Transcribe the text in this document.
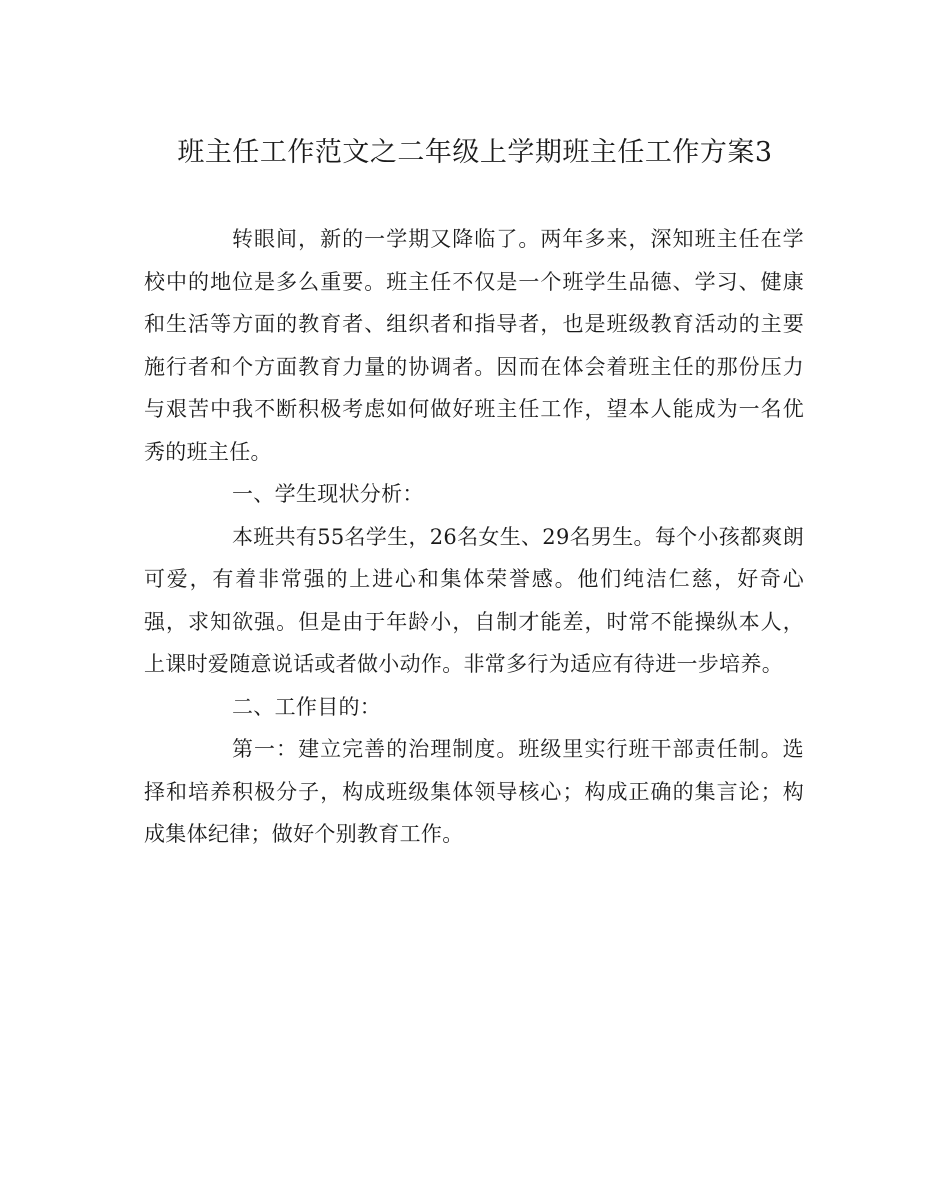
班主任工作范文之二年级上学期班主任工作方案3

转眼间，新的一学期又降临了。两年多来，深知班主任在学校中的地位是多么重要。班主任不仅是一个班学生品德、学习、健康和生活等方面的教育者、组织者和指导者，也是班级教育活动的主要施行者和个方面教育力量的协调者。因而在体会着班主任的那份压力与艰苦中我不断积极考虑如何做好班主任工作，望本人能成为一名优秀的班主任。

一、学生现状分析：

本班共有55名学生，26名女生、29名男生。每个小孩都爽朗可爱，有着非常强的上进心和集体荣誉感。他们纯洁仁慈，好奇心强，求知欲强。但是由于年龄小，自制才能差，时常不能操纵本人，上课时爱随意说话或者做小动作。非常多行为适应有待进一步培养。

二、工作目的：

第一：建立完善的治理制度。班级里实行班干部责任制。选择和培养积极分子，构成班级集体领导核心；构成正确的集言论；构成集体纪律；做好个别教育工作。
